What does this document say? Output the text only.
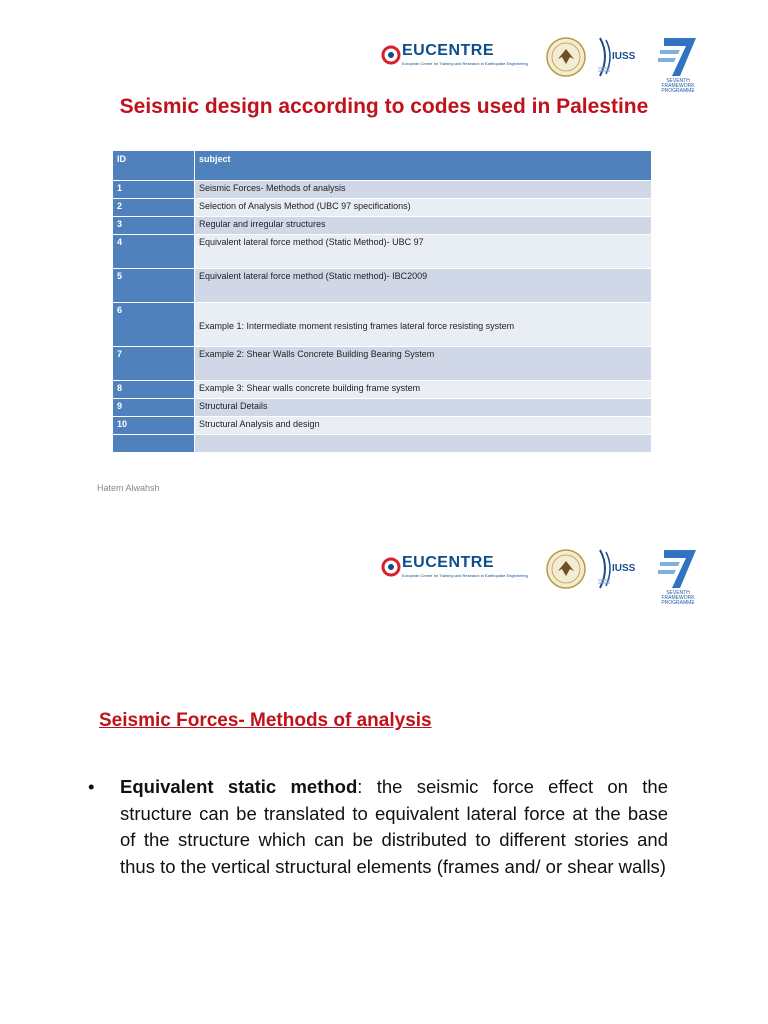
EUCENTRE
European Centre for Training and Research in Earthquake Engineering
IUSS
SEVENTH FRAMEWORK
PROGRAMME
Seismic design according to codes used in Palestine
ID	subject
1	Seismic Forces- Methods of analysis
2	Selection of Analysis Method (UBC 97 specifications)
3	Regular and irregular structures
4	Equivalent lateral force method (Static Method)- UBC 97
5	Equivalent lateral force method (Static method)- IBC2009
6	Example 1: Intermediate moment resisting frames lateral force resisting system
7	Example 2: Shear Walls Concrete Building Bearing System
8	Example 3: Shear walls concrete building frame system
9	Structural Details
10	Structural Analysis and design

Hatem Alwahsh
EUCENTRE
European Centre for Training and Research in Earthquake Engineering
IUSS
SEVENTH FRAMEWORK
PROGRAMME
Seismic Forces- Methods of analysis
• Equivalent static method: the seismic force effect on the structure can be translated to equivalent lateral force at the base of the structure which can be distributed to different stories and thus to the vertical structural elements (frames and/ or shear walls)
